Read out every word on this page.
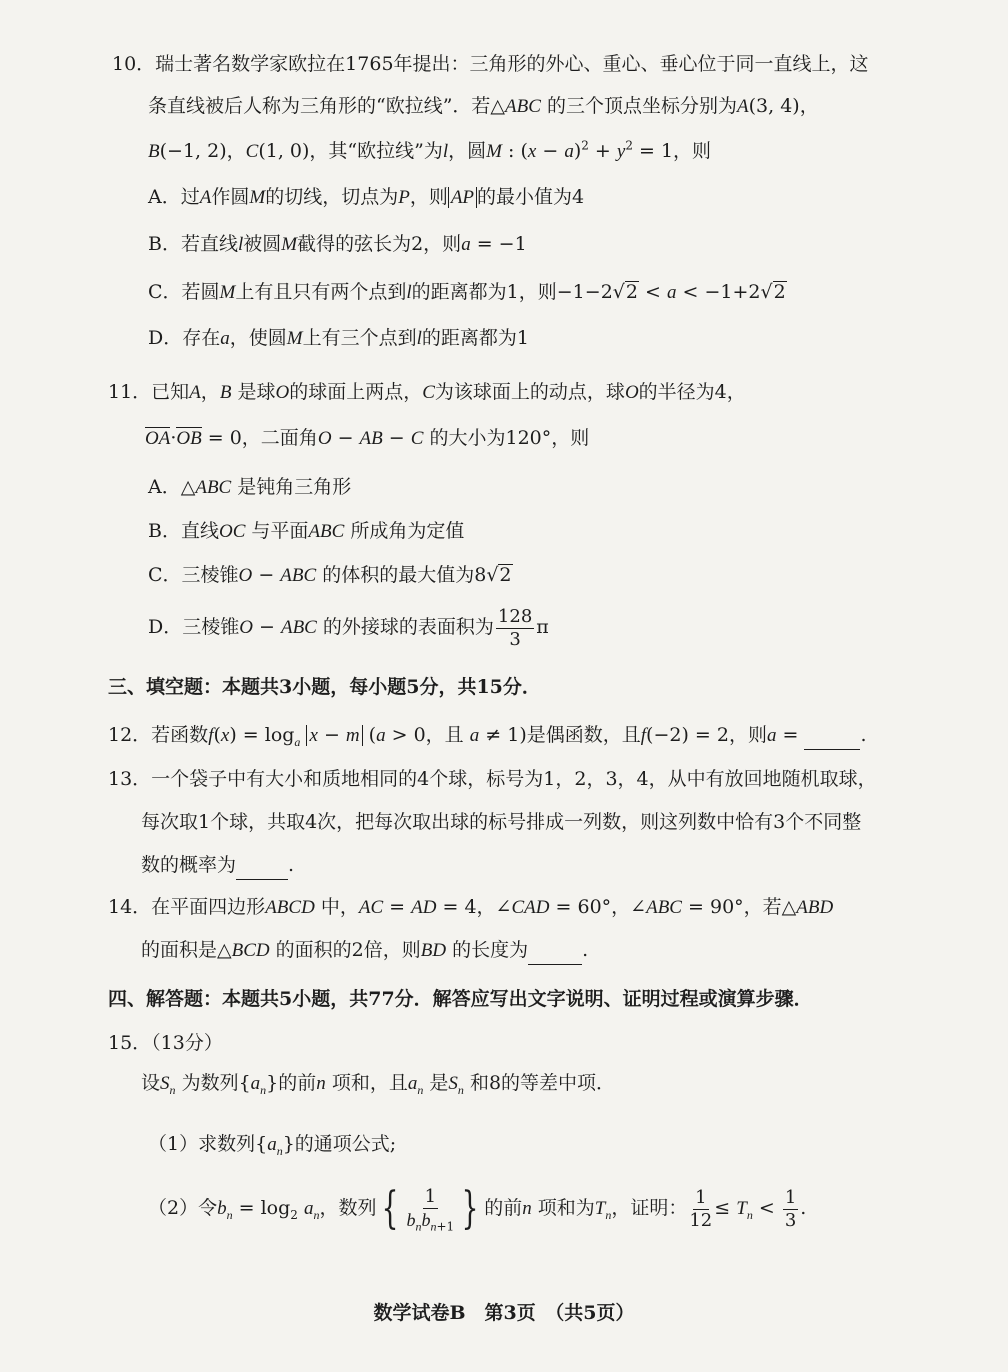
10．瑞士著名数学家欧拉在1765年提出：三角形的外心、重心、垂心位于同一直线上，这
条直线被后人称为三角形的“欧拉线”．若△ABC 的三个顶点坐标分别为A(3, 4)，
B(−1, 2)，C(1, 0)，其“欧拉线”为l，圆M : $(x - a)^2 + y^2 = 1$，则
A．过A作圆M的切线，切点为P，则 AP 的最小值为4
B．若直线l被圆M截得的弦长为2，则a = −1
C．若圆M上有且只有两个点到l的距离都为1，则−1−2√2 < a < −1+2√2
D．存在a，使圆M上有三个点到l的距离都为1
11．已知A，B 是球O的球面上两点，C为该球面上的动点，球O的半径为4，
OA·OB = 0，二面角O − AB − C 的大小为120°，则
A．△ABC 是钝角三角形
B．直线OC 与平面ABC 所成角为定值
C．三棱锥O − ABC 的体积的最大值为8√2
D．三棱锥O − ABC 的外接球的表面积为 $\frac{128}{3}$ π
三、填空题：本题共3小题，每小题5分，共15分．
12．若函数$f(x) = \log_a x - m$ (a > 0，且 a ≠ 1)是偶函数，且f(−2) = 2，则a =	.
13．一个袋子中有大小和质地相同的4个球，标号为1，2，3，4，从中有放回地随机取球，
每次取1个球，共取4次，把每次取出球的标号排成一列数，则这列数中恰有3个不同整
数的概率为	.
14．在平面四边形ABCD 中，AC = AD = 4，∠CAD = 60°，∠ABC = 90°，若△ABD
的面积是△BCD 的面积的2倍，则BD 的长度为	.
四、解答题：本题共5小题，共77分．解答应写出文字说明、证明过程或演算步骤．
15．（13分）
设$S_n$ 为数列$\{a_n\}$的前n 项和，且$a_n$ 是$S_n$ 和8的等差中项．
（1）求数列$\{a_n\}$的通项公式;
（2）令$b_n = \log_2 a_n$，数列 { $\frac{1}{b_nb_{n+1}}$ } 的前n 项和为$T_n$，证明： $\frac{1}{12} \le T_n < \frac{1}{3}$ .
数学试卷B　第3页　（共5页）
